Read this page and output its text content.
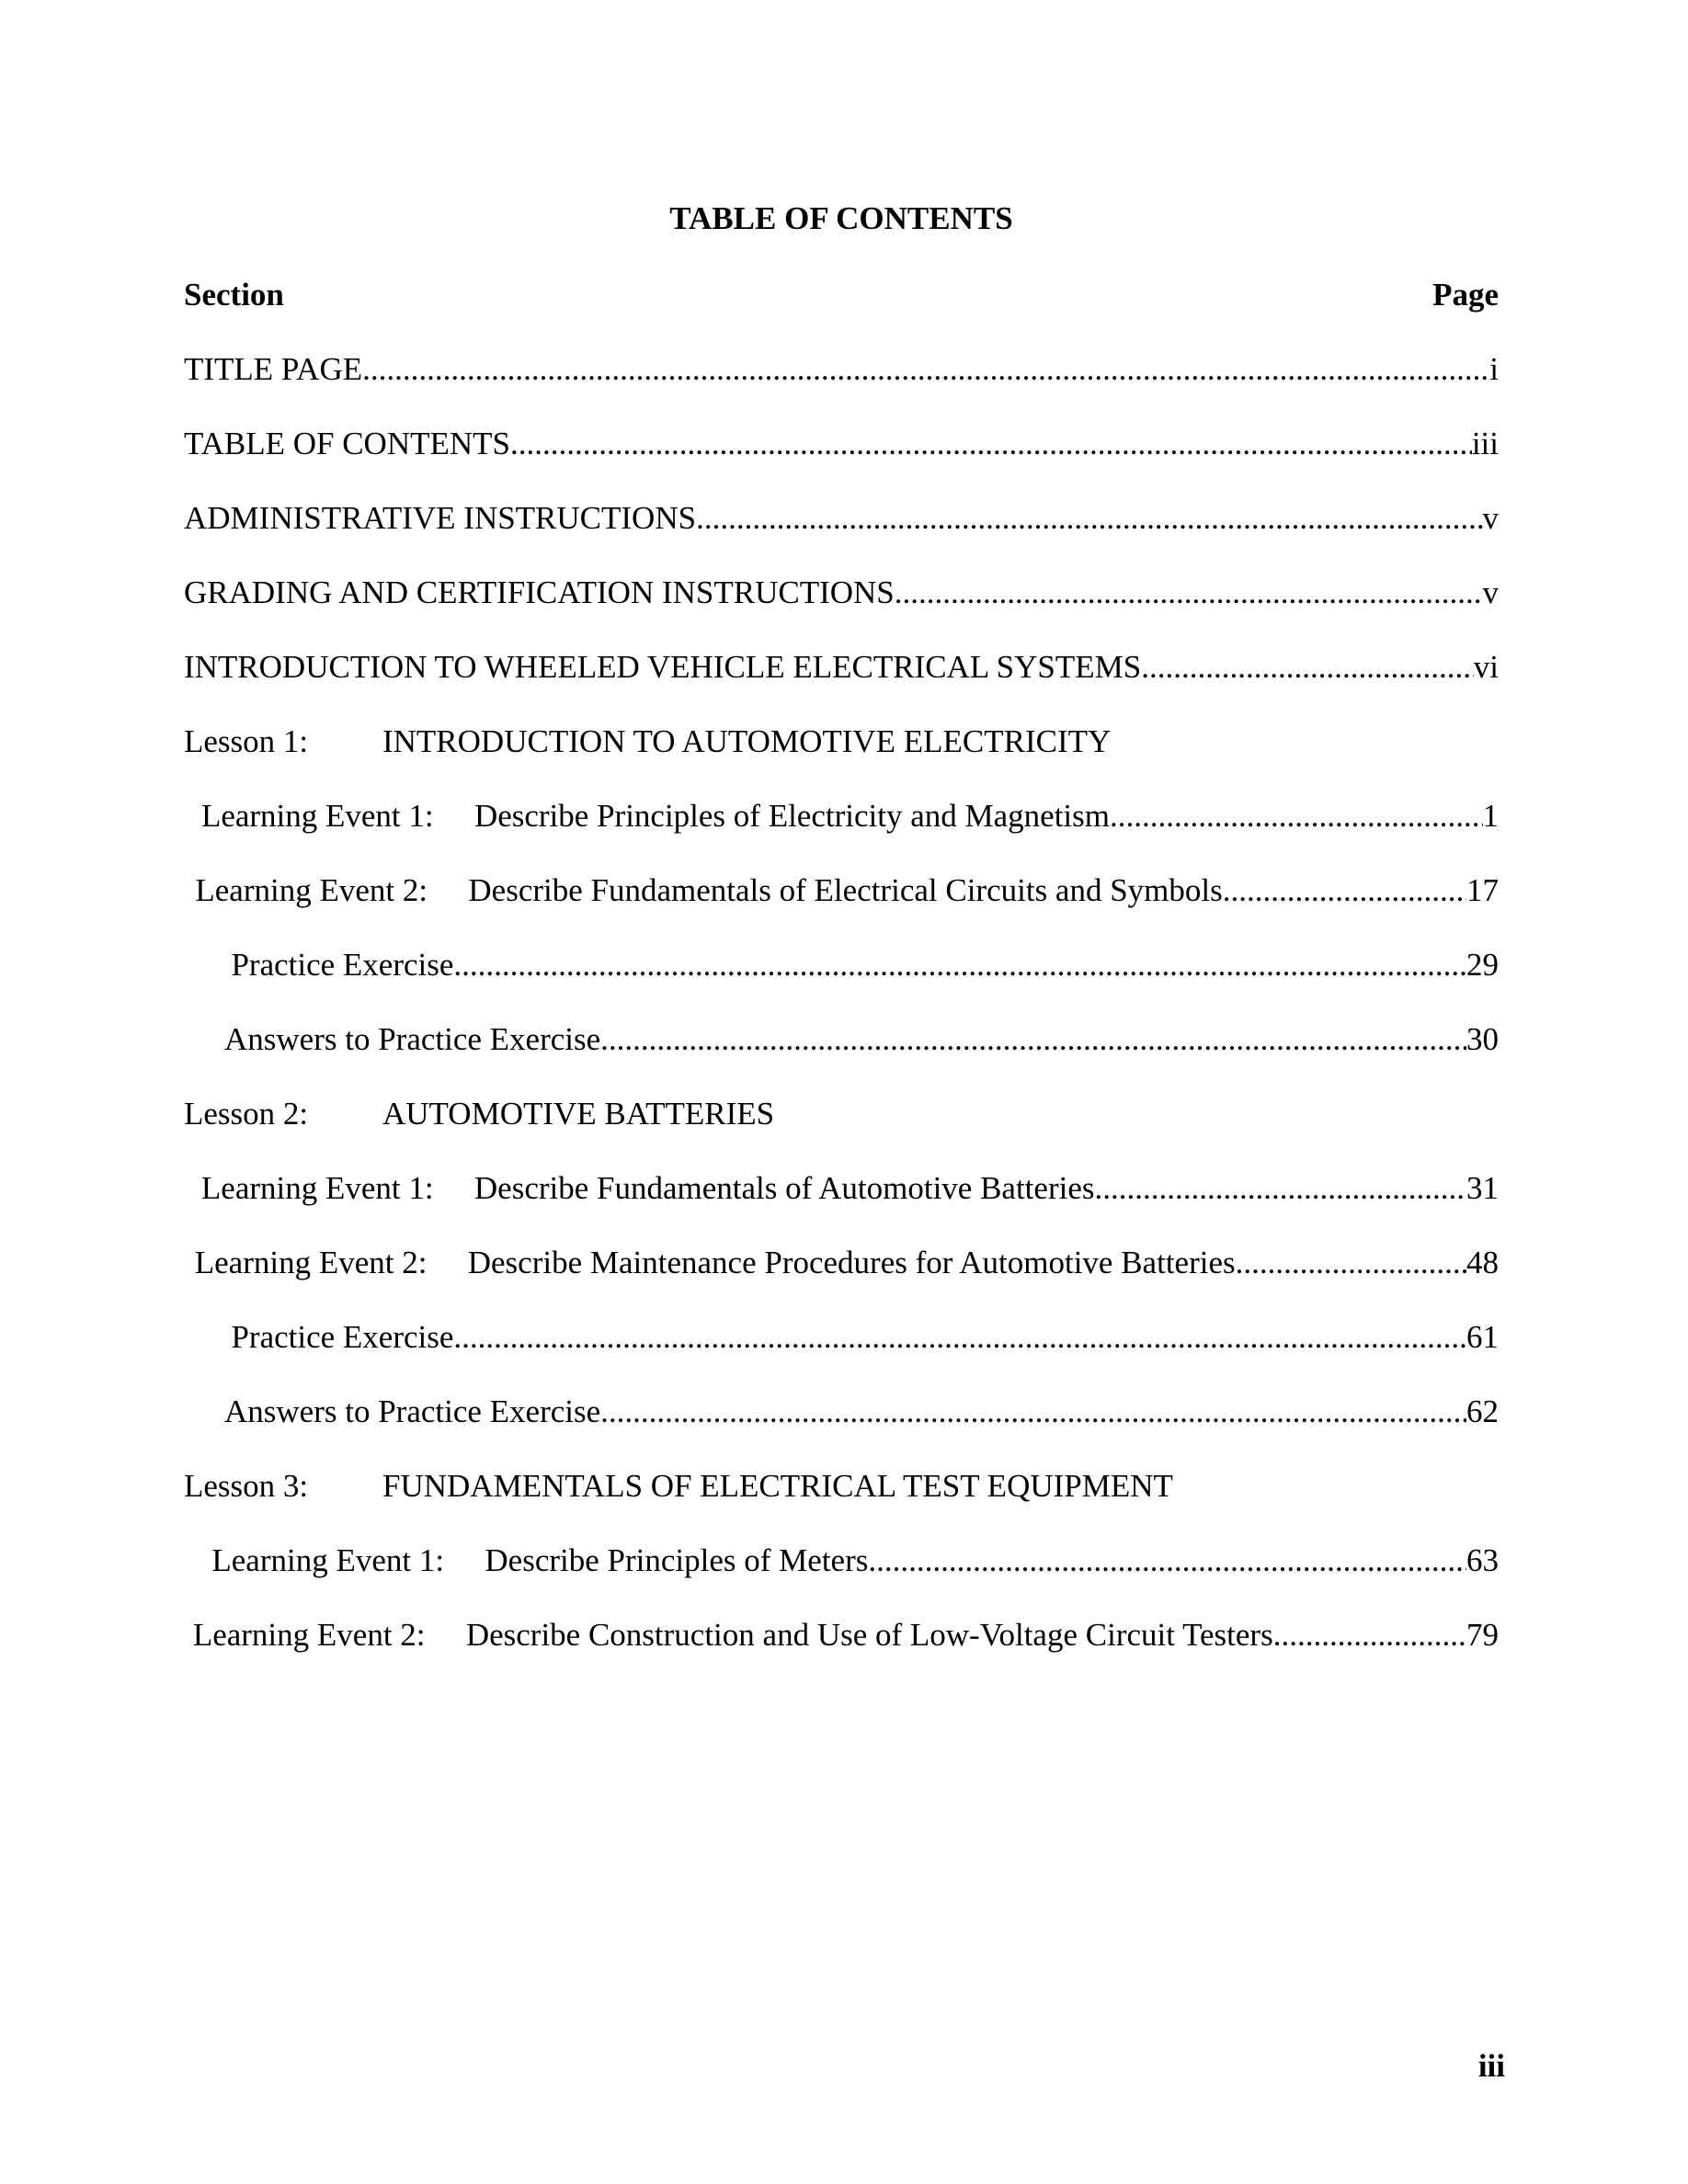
TABLE OF CONTENTS
Section	Page
TITLE PAGE .....	i
TABLE OF CONTENTS .....	iii
ADMINISTRATIVE INSTRUCTIONS .....	v
GRADING AND CERTIFICATION INSTRUCTIONS .....	v
INTRODUCTION TO WHEELED VEHICLE ELECTRICAL SYSTEMS .....	vi
Lesson 1:	INTRODUCTION TO AUTOMOTIVE ELECTRICITY
Learning Event 1:	Describe Principles of Electricity and Magnetism .....	1
Learning Event 2:	Describe Fundamentals of Electrical Circuits and Symbols .....	17
Practice Exercise .....	29
Answers to Practice Exercise .....	30
Lesson 2:	AUTOMOTIVE BATTERIES
Learning Event 1:	Describe Fundamentals of Automotive Batteries .....	31
Learning Event 2:	Describe Maintenance Procedures for Automotive Batteries .....	48
Practice Exercise .....	61
Answers to Practice Exercise .....	62
Lesson 3:	FUNDAMENTALS OF ELECTRICAL TEST EQUIPMENT
Learning Event 1:	Describe Principles of Meters .....	63
Learning Event 2:	Describe Construction and Use of Low-Voltage Circuit Testers .....	79
iii
